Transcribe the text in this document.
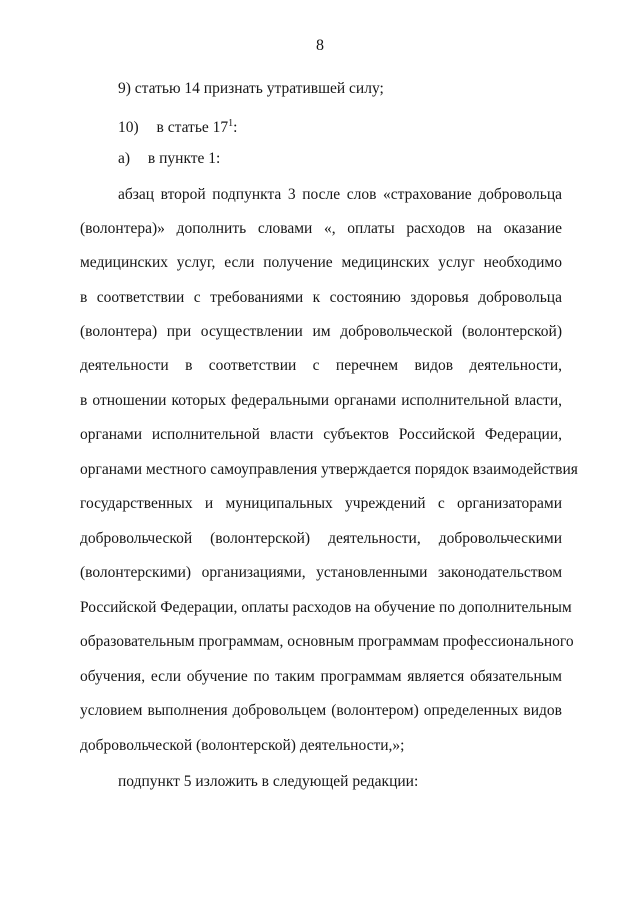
8
9) статью 14 признать утратившей силу;
10) в статье $17^1$:
а) в пункте 1:
абзац второй подпункта 3 после слов «страхование добровольца
(волонтера)» дополнить словами «, оплаты расходов на оказание
медицинских услуг, если получение медицинских услуг необходимо
в соответствии с требованиями к состоянию здоровья добровольца
(волонтера) при осуществлении им добровольческой (волонтерской)
деятельности в соответствии с перечнем видов деятельности,
в отношении которых федеральными органами исполнительной власти,
органами исполнительной власти субъектов Российской Федерации,
органами местного самоуправления утверждается порядок взаимодействия
государственных и муниципальных учреждений с организаторами
добровольческой (волонтерской) деятельности, добровольческими
(волонтерскими) организациями, установленными законодательством
Российской Федерации, оплаты расходов на обучение по дополнительным
образовательным программам, основным программам профессионального
обучения, если обучение по таким программам является обязательным
условием выполнения добровольцем (волонтером) определенных видов
добровольческой (волонтерской) деятельности,»;
подпункт 5 изложить в следующей редакции:
